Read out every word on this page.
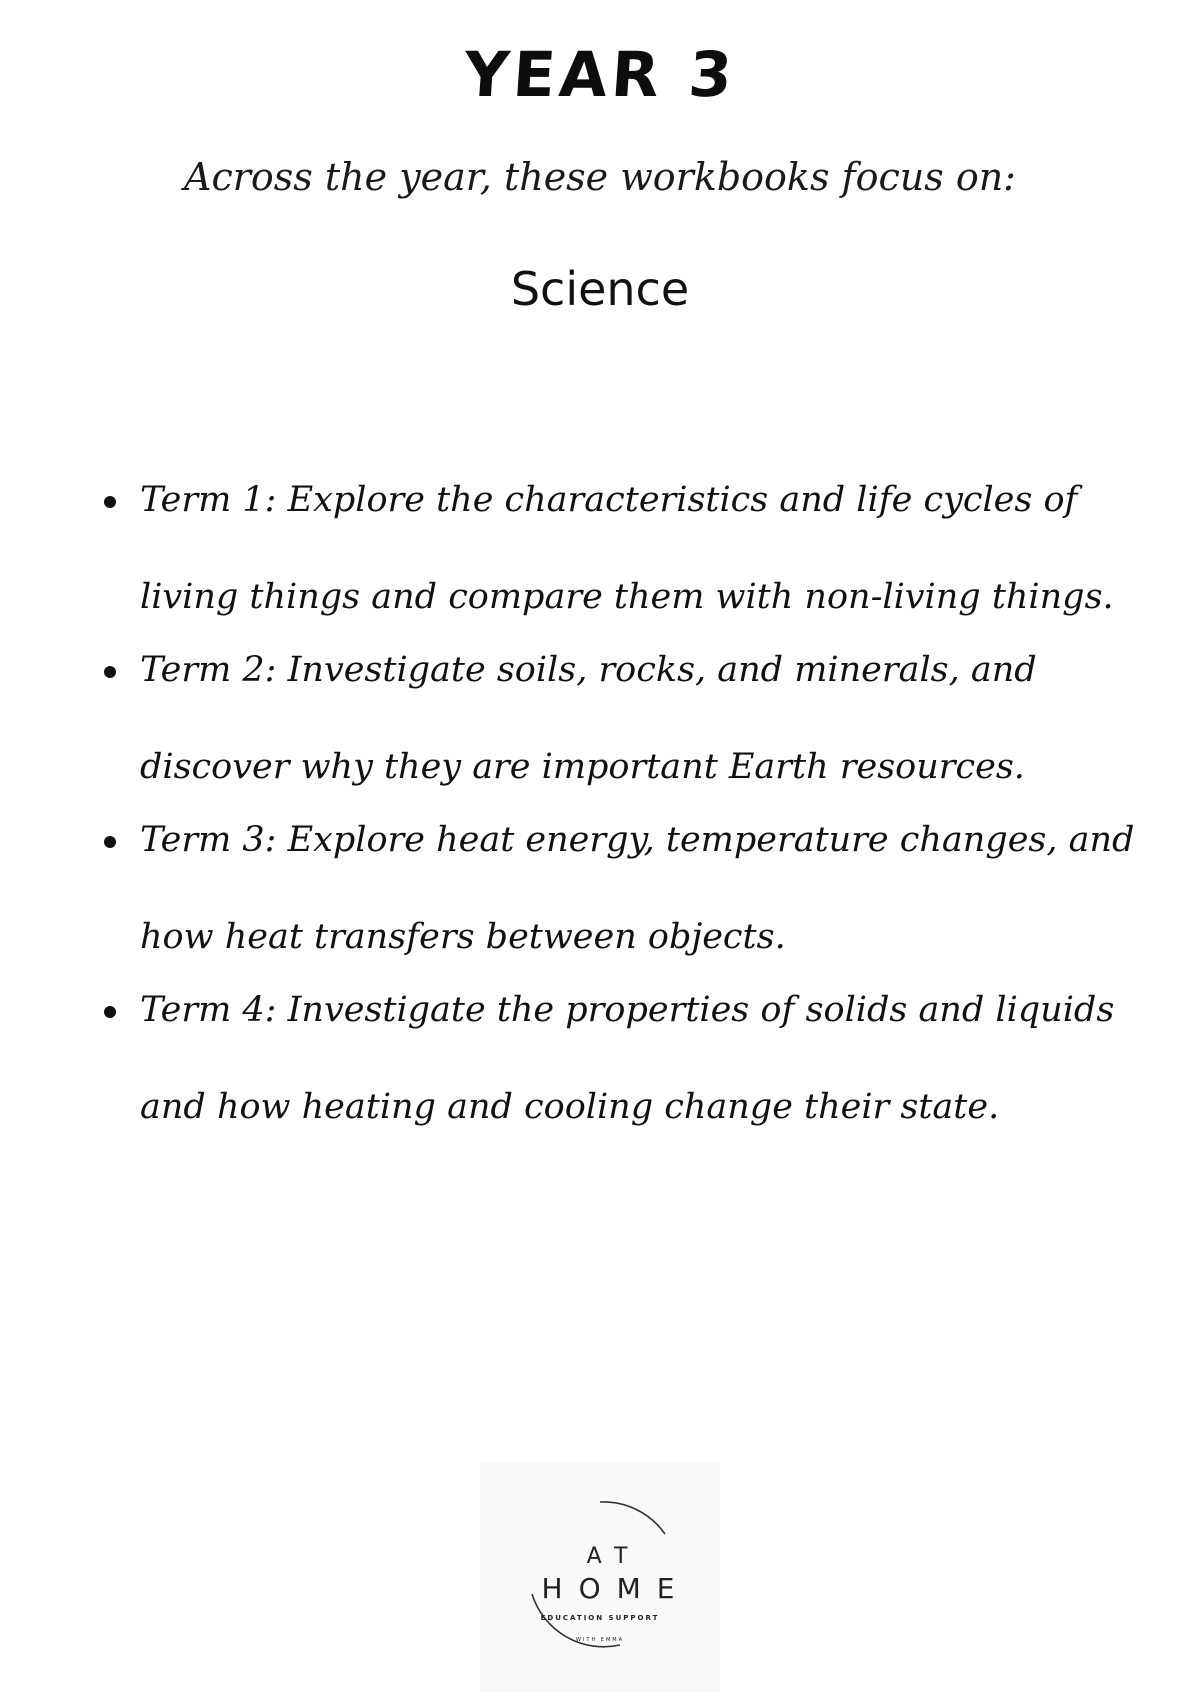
YEAR 3
Across the year, these workbooks focus on:
Science
Term 1: Explore the characteristics and life cycles of living things and compare them with non-living things.
Term 2: Investigate soils, rocks, and minerals, and discover why they are important Earth resources.
Term 3: Explore heat energy, temperature changes, and how heat transfers between objects.
Term 4: Investigate the properties of solids and liquids and how heating and cooling change their state.
AT
HOME
EDUCATION SUPPORT
WITH EMMA
